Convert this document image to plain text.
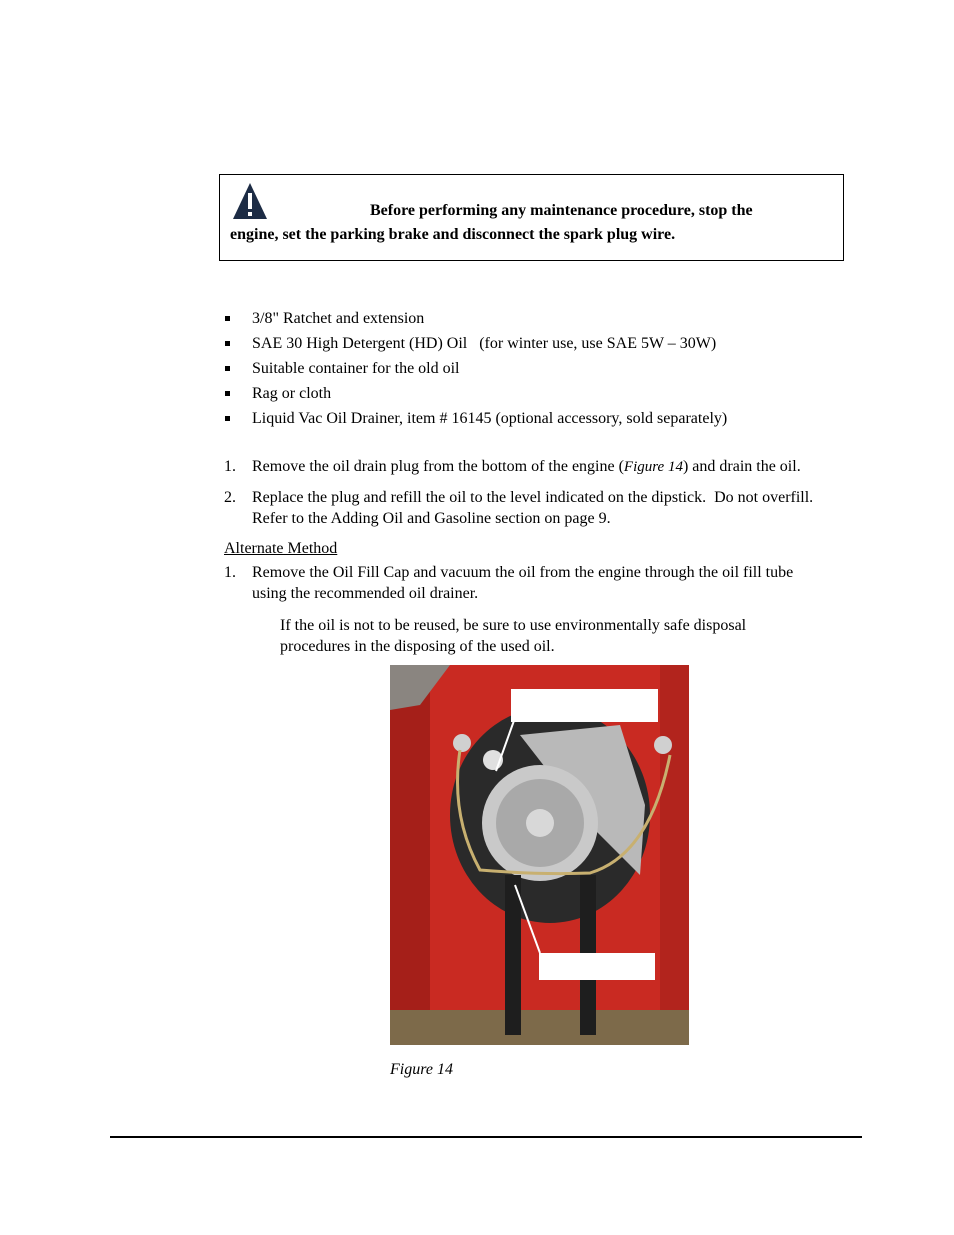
Before performing any maintenance procedure, stop the
engine, set the parking brake and disconnect the spark plug wire.
3/8" Ratchet and extension
SAE 30 High Detergent (HD) Oil   (for winter use, use SAE 5W – 30W)
Suitable container for the old oil
Rag or cloth
Liquid Vac Oil Drainer, item # 16145 (optional accessory, sold separately)
1. Remove the oil drain plug from the bottom of the engine (Figure 14) and drain the oil.
2. Replace the plug and refill the oil to the level indicated on the dipstick.  Do not overfill.
Refer to the Adding Oil and Gasoline section on page 9.
Alternate Method
1. Remove the Oil Fill Cap and vacuum the oil from the engine through the oil fill tube
using the recommended oil drainer.
If the oil is not to be reused, be sure to use environmentally safe disposal
procedures in the disposing of the used oil.
Figure 14
